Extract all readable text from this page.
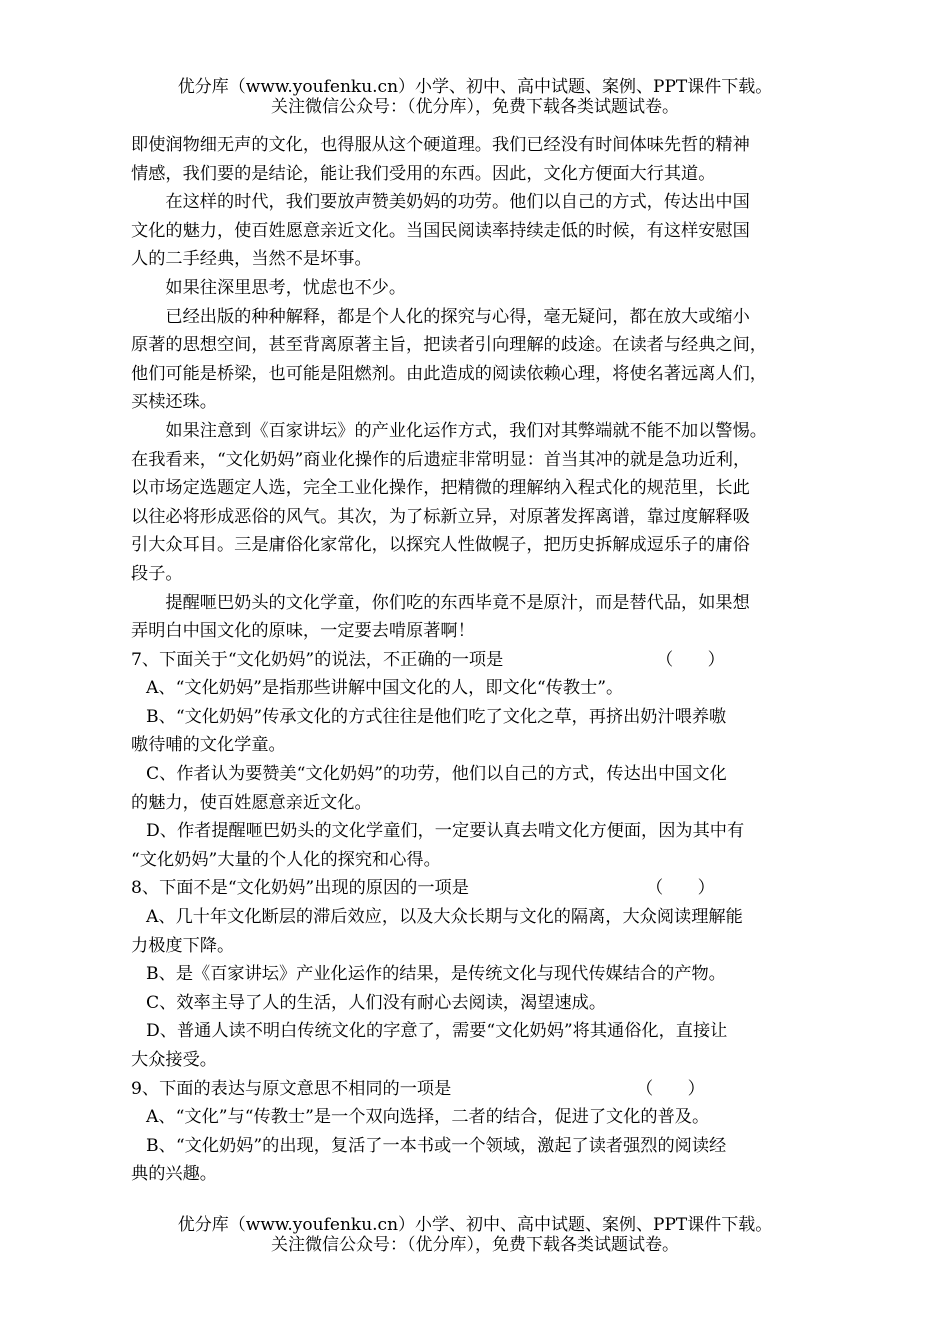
优分库（www.youfenku.cn）小学、初中、高中试题、案例、PPT课件下载。
关注微信公众号：（优分库），免费下载各类试题试卷。
即使润物细无声的文化，也得服从这个硬道理。我们已经没有时间体味先哲的精神
情感，我们要的是结论，能让我们受用的东西。因此，文化方便面大行其道。
　　在这样的时代，我们要放声赞美奶妈的功劳。他们以自己的方式，传达出中国
文化的魅力，使百姓愿意亲近文化。当国民阅读率持续走低的时候，有这样安慰国
人的二手经典，当然不是坏事。
　　如果往深里思考，忧虑也不少。
　　已经出版的种种解释，都是个人化的探究与心得，毫无疑问，都在放大或缩小
原著的思想空间，甚至背离原著主旨，把读者引向理解的歧途。在读者与经典之间，
他们可能是桥梁，也可能是阻燃剂。由此造成的阅读依赖心理，将使名著远离人们，
买椟还珠。
　　如果注意到《百家讲坛》的产业化运作方式，我们对其弊端就不能不加以警惕。
在我看来，“文化奶妈”商业化操作的后遗症非常明显：首当其冲的就是急功近利，
以市场定选题定人选，完全工业化操作，把精微的理解纳入程式化的规范里，长此
以往必将形成恶俗的风气。其次，为了标新立异，对原著发挥离谱，靠过度解释吸
引大众耳目。三是庸俗化家常化，以探究人性做幌子，把历史拆解成逗乐子的庸俗
段子。
　　提醒咂巴奶头的文化学童，你们吃的东西毕竟不是原汁，而是替代品，如果想
弄明白中国文化的原味，一定要去啃原著啊！
7、下面关于“文化奶妈”的说法，不正确的一项是	（　　）
A、“文化奶妈”是指那些讲解中国文化的人，即文化“传教士”。
B、“文化奶妈”传承文化的方式往往是他们吃了文化之草，再挤出奶汁喂养嗷
嗷待哺的文化学童。
C、作者认为要赞美“文化奶妈”的功劳，他们以自己的方式，传达出中国文化
的魅力，使百姓愿意亲近文化。
D、作者提醒咂巴奶头的文化学童们，一定要认真去啃文化方便面，因为其中有
“文化奶妈”大量的个人化的探究和心得。
8、下面不是“文化奶妈”出现的原因的一项是	（　　）
A、几十年文化断层的滞后效应，以及大众长期与文化的隔离，大众阅读理解能
力极度下降。
B、是《百家讲坛》产业化运作的结果，是传统文化与现代传媒结合的产物。
C、效率主导了人的生活，人们没有耐心去阅读，渴望速成。
D、普通人读不明白传统文化的字意了，需要“文化奶妈”将其通俗化，直接让
大众接受。
9、下面的表达与原文意思不相同的一项是	（　　）
A、“文化”与“传教士”是一个双向选择，二者的结合，促进了文化的普及。
B、“文化奶妈”的出现，复活了一本书或一个领域，激起了读者强烈的阅读经
典的兴趣。
优分库（www.youfenku.cn）小学、初中、高中试题、案例、PPT课件下载。
关注微信公众号：（优分库），免费下载各类试题试卷。
